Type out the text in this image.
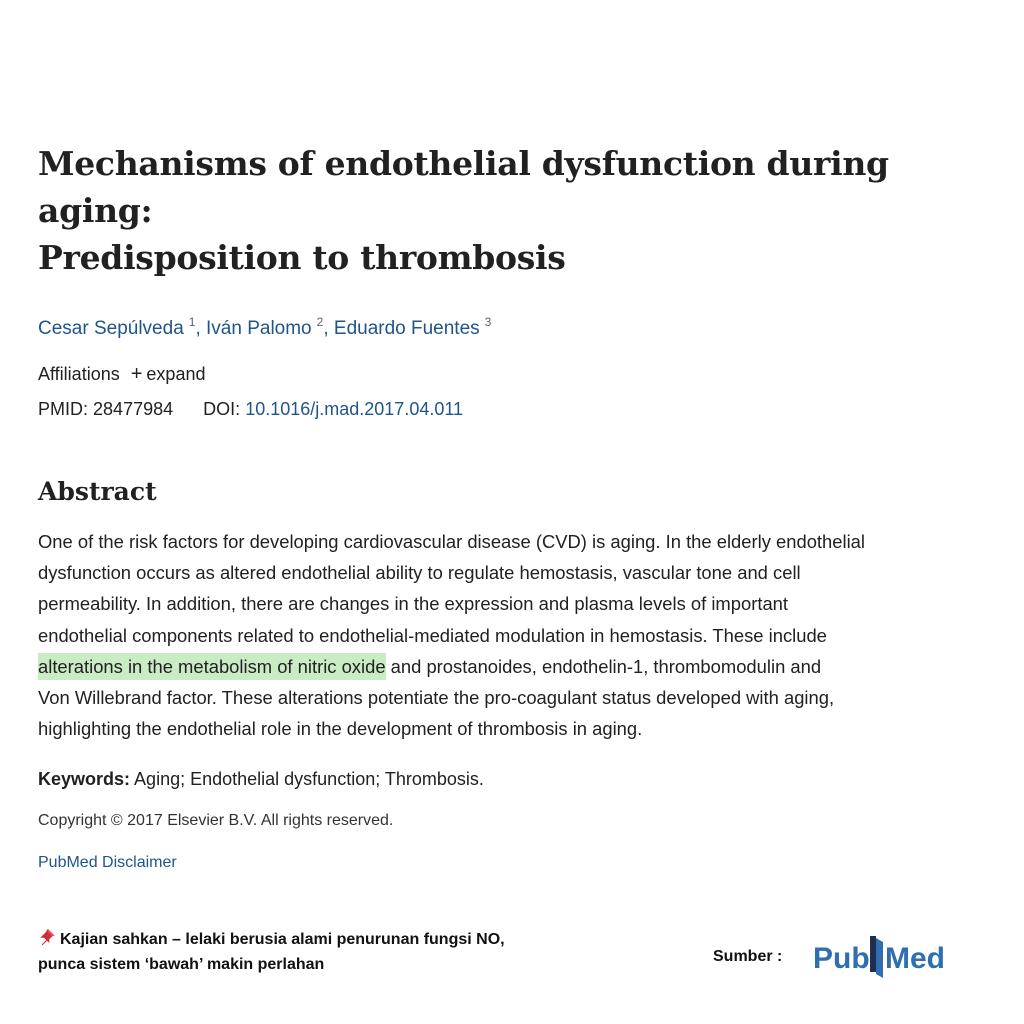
Mechanisms of endothelial dysfunction during aging:
Predisposition to thrombosis
Cesar Sepúlveda $^1$, Iván Palomo $^2$, Eduardo Fuentes $^3$
Affiliations + expand
PMID: 28477984 DOI: 10.1016/j.mad.2017.04.011
Abstract
One of the risk factors for developing cardiovascular disease (CVD) is aging. In the elderly endothelial
dysfunction occurs as altered endothelial ability to regulate hemostasis, vascular tone and cell
permeability. In addition, there are changes in the expression and plasma levels of important
endothelial components related to endothelial-mediated modulation in hemostasis. These include
alterations in the metabolism of nitric oxide and prostanoides, endothelin-1, thrombomodulin and
Von Willebrand factor. These alterations potentiate the pro-coagulant status developed with aging,
highlighting the endothelial role in the development of thrombosis in aging.
Keywords: Aging; Endothelial dysfunction; Thrombosis.
Copyright © 2017 Elsevier B.V. All rights reserved.
PubMed Disclaimer
Kajian sahkan – lelaki berusia alami penurunan fungsi NO,
punca sistem ‘bawah’ makin perlahan	Sumber : Pub Med
